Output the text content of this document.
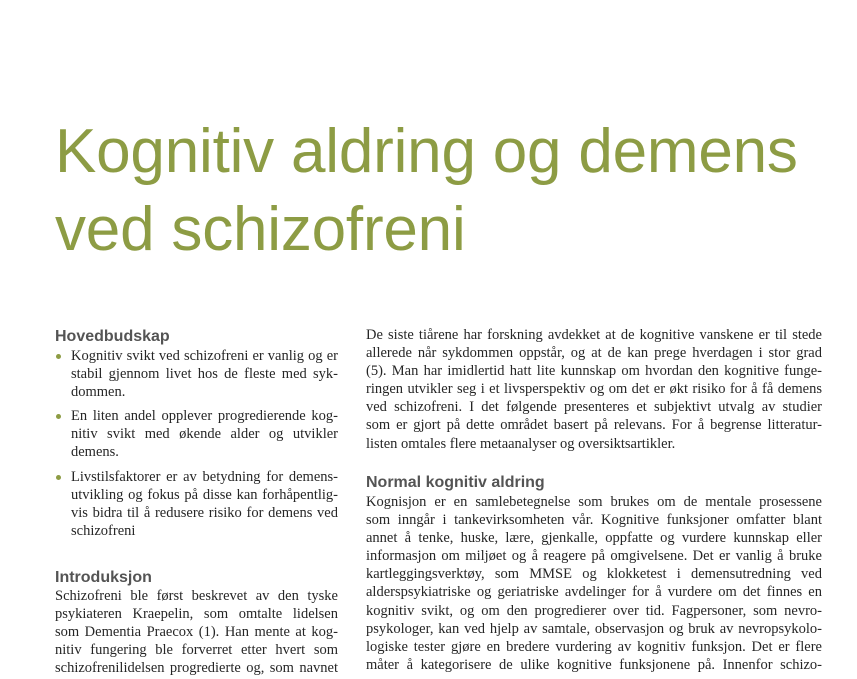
Kognitiv aldring og demens
ved schizofreni
Hovedbudskap
Kognitiv svikt ved schizofreni er vanlig og er
stabil gjennom livet hos de fleste med syk-
dommen.
En liten andel opplever progredierende kog-
nitiv svikt med økende alder og utvikler
demens.
Livstilsfaktorer er av betydning for demens-
utvikling og fokus på disse kan forhåpentlig-
vis bidra til å redusere risiko for demens ved
schizofreni
Introduksjon
Schizofreni ble først beskrevet av den tyske
psykiateren Kraepelin, som omtalte lidelsen
som Dementia Praecox (1). Han mente at kog-
nitiv fungering ble forverret etter hvert som
schizofrenilidelsen progredierte og, som navnet
De siste tiårene har forskning avdekket at de kognitive vanskene er til stede
allerede når sykdommen oppstår, og at de kan prege hverdagen i stor grad
(5). Man har imidlertid hatt lite kunnskap om hvordan den kognitive funge-
ringen utvikler seg i et livsperspektiv og om det er økt risiko for å få demens
ved schizofreni. I det følgende presenteres et subjektivt utvalg av studier
som er gjort på dette området basert på relevans. For å begrense litteratur-
listen omtales flere metaanalyser og oversiktsartikler.
Normal kognitiv aldring
Kognisjon er en samlebetegnelse som brukes om de mentale prosessene
som inngår i tankevirksomheten vår. Kognitive funksjoner omfatter blant
annet å tenke, huske, lære, gjenkalle, oppfatte og vurdere kunnskap eller
informasjon om miljøet og å reagere på omgivelsene. Det er vanlig å bruke
kartleggingsverktøy, som MMSE og klokketest i demensutredning ved
alderspsykiatriske og geriatriske avdelinger for å vurdere om det finnes en
kognitiv svikt, og om den progredierer over tid. Fagpersoner, som nevro-
psykologer, kan ved hjelp av samtale, observasjon og bruk av nevropsykolo-
logiske tester gjøre en bredere vurdering av kognitiv funksjon. Det er flere
måter å kategorisere de ulike kognitive funksjonene på. Innenfor schizo-
